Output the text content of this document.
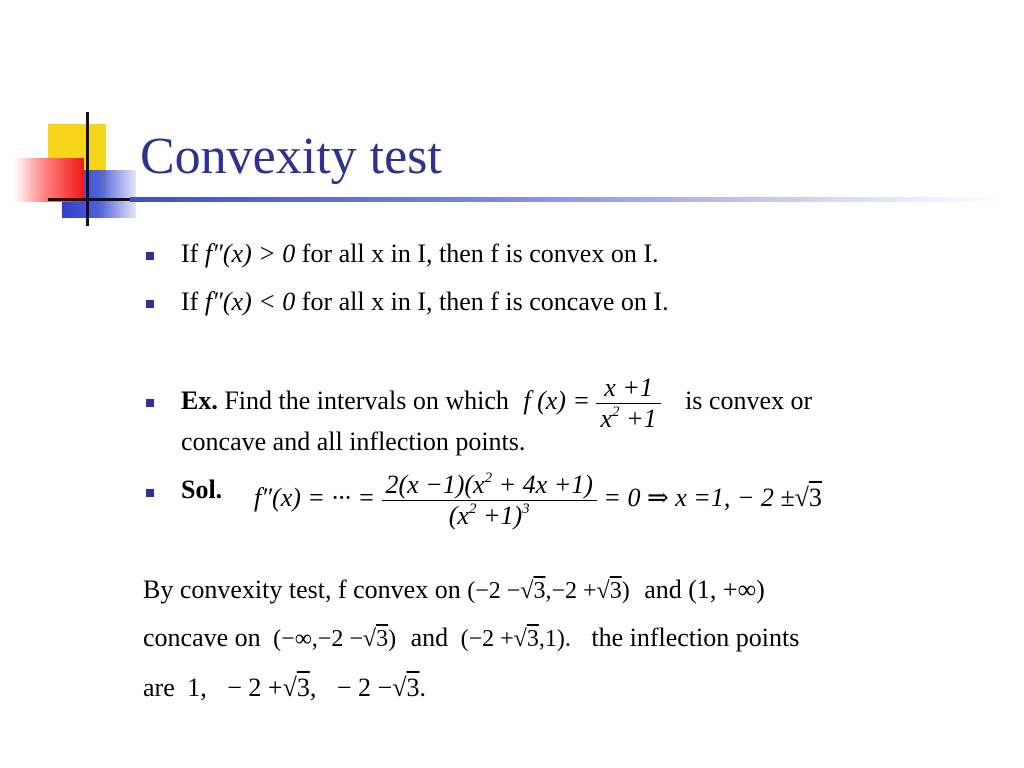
Convexity test
If f″(x) > 0 for all x in I, then f is convex on I.
If f″(x) < 0 for all x in I, then f is concave on I.
Ex. Find the intervals on which f $(x) = \frac{x +1}{x^2 +1}$ is convex or
concave and all inflection points.
Sol. f″(x) = ··· = $\frac{2(x -1)(x^2 + 4x +1)}{(x^2 +1)^3} = 0$ ⇒ x =1, − 2 ±√3
By convexity test, f convex on (−2 −√3,−2 +√3) and (1, +∞)
concave on (−∞,−2 −√3) and (−2 +√3,1). the inflection points
are 1, − 2 +√3, − 2 −√3.
